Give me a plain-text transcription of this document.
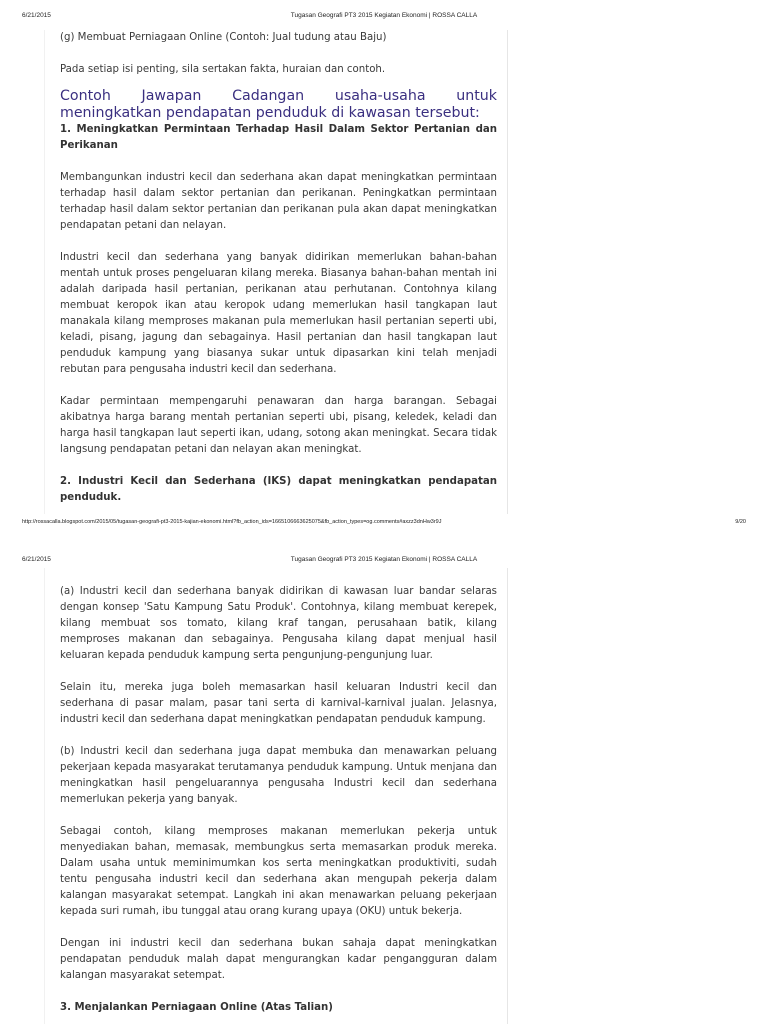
6/21/2015	Tugasan Geografi PT3 2015 Kegiatan Ekonomi | ROSSA CALLA

(g) Membuat Perniagaan Online (Contoh: Jual tudung atau Baju)

Pada setiap isi penting, sila sertakan fakta, huraian dan contoh.

Contoh Jawapan Cadangan usaha-usaha untuk meningkatkan pendapatan penduduk di kawasan tersebut:
1. Meningkatkan Permintaan Terhadap Hasil Dalam Sektor Pertanian dan Perikanan

Membangunkan industri kecil dan sederhana akan dapat meningkatkan permintaan terhadap hasil dalam sektor pertanian dan perikanan. Peningkatkan permintaan terhadap hasil dalam sektor pertanian dan perikanan pula akan dapat meningkatkan pendapatan petani dan nelayan.

Industri kecil dan sederhana yang banyak didirikan memerlukan bahan-bahan mentah untuk proses pengeluaran kilang mereka. Biasanya bahan-bahan mentah ini adalah daripada hasil pertanian, perikanan atau perhutanan. Contohnya kilang membuat keropok ikan atau keropok udang memerlukan hasil tangkapan laut manakala kilang memproses makanan pula memerlukan hasil pertanian seperti ubi, keladi, pisang, jagung dan sebagainya. Hasil pertanian dan hasil tangkapan laut penduduk kampung yang biasanya sukar untuk dipasarkan kini telah menjadi rebutan para pengusaha industri kecil dan sederhana.

Kadar permintaan mempengaruhi penawaran dan harga barangan. Sebagai akibatnya harga barang mentah pertanian seperti ubi, pisang, keledek, keladi dan harga hasil tangkapan laut seperti ikan, udang, sotong akan meningkat. Secara tidak langsung pendapatan petani dan nelayan akan meningkat.

2. Industri Kecil dan Sederhana (IKS) dapat meningkatkan pendapatan penduduk.
http://rossacalla.blogspot.com/2015/05/tugasan-geografi-pt3-2015-kajian-ekonomi.html?fb_action_ids=1665106663625075&fb_action_types=og.comments#axzz3dnHw3r9J	9/20
6/21/2015	Tugasan Geografi PT3 2015 Kegiatan Ekonomi | ROSSA CALLA

(a) Industri kecil dan sederhana banyak didirikan di kawasan luar bandar selaras dengan konsep 'Satu Kampung Satu Produk'. Contohnya, kilang membuat kerepek, kilang membuat sos tomato, kilang kraf tangan, perusahaan batik, kilang memproses makanan dan sebagainya. Pengusaha kilang dapat menjual hasil keluaran kepada penduduk kampung serta pengunjung-pengunjung luar.

Selain itu, mereka juga boleh memasarkan hasil keluaran Industri kecil dan sederhana di pasar malam, pasar tani serta di karnival-karnival jualan. Jelasnya, industri kecil dan sederhana dapat meningkatkan pendapatan penduduk kampung.

(b) Industri kecil dan sederhana juga dapat membuka dan menawarkan peluang pekerjaan kepada masyarakat terutamanya penduduk kampung. Untuk menjana dan meningkatkan hasil pengeluarannya pengusaha Industri kecil dan sederhana memerlukan pekerja yang banyak.

Sebagai contoh, kilang memproses makanan memerlukan pekerja untuk menyediakan bahan, memasak, membungkus serta memasarkan produk mereka. Dalam usaha untuk meminimumkan kos serta meningkatkan produktiviti, sudah tentu pengusaha industri kecil dan sederhana akan mengupah pekerja dalam kalangan masyarakat setempat. Langkah ini akan menawarkan peluang pekerjaan kepada suri rumah, ibu tunggal atau orang kurang upaya (OKU) untuk bekerja.

Dengan ini industri kecil dan sederhana bukan sahaja dapat meningkatkan pendapatan penduduk malah dapat mengurangkan kadar pengangguran dalam kalangan masyarakat setempat.

3. Menjalankan Perniagaan Online (Atas Talian)
